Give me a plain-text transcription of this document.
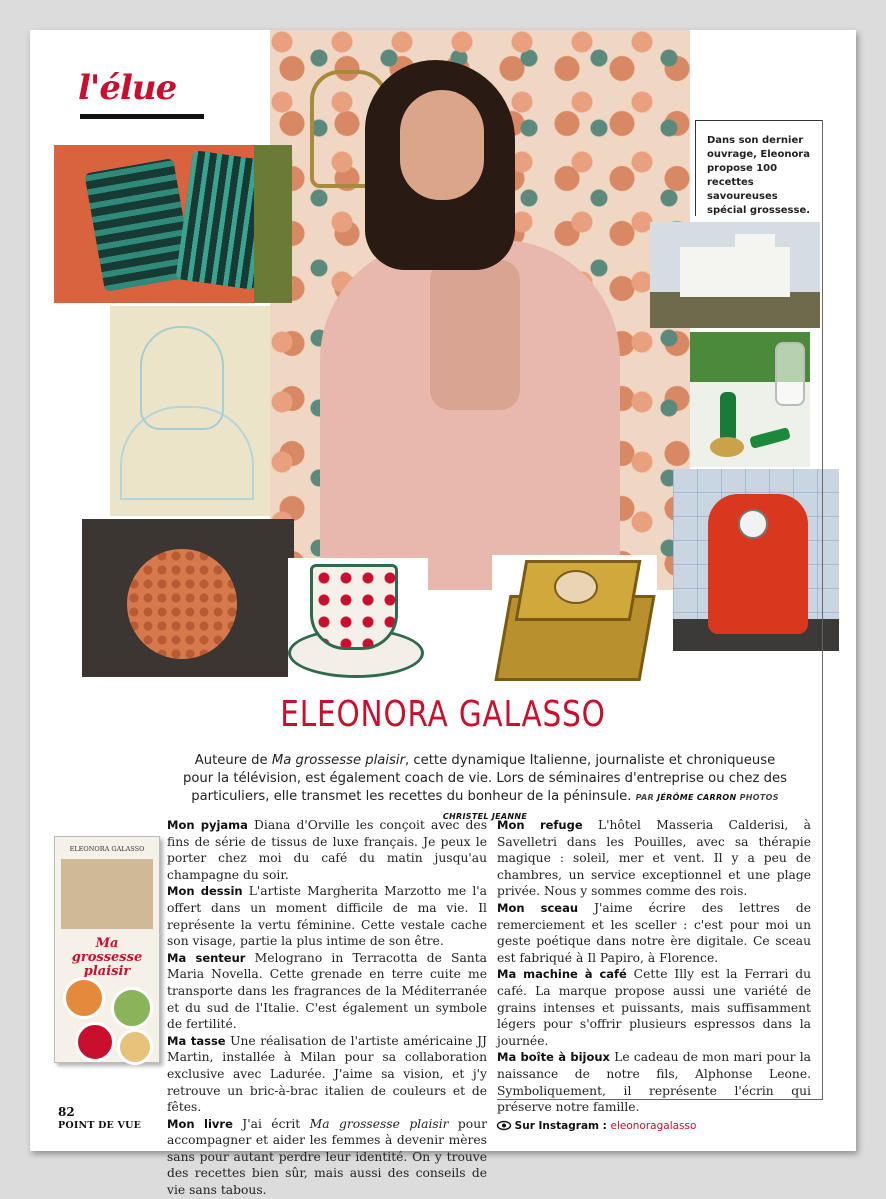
l'élue
Dans son dernier ouvrage, Eleonora propose 100 recettes savoureuses spécial grossesse.
ELEONORA GALASSO
Auteure de Ma grossesse plaisir, cette dynamique Italienne, journaliste et chroniqueuse pour la télévision, est également coach de vie. Lors de séminaires d'entreprise ou chez des particuliers, elle transmet les recettes du bonheur de la péninsule. PAR JÉRÔME CARRON PHOTOS CHRISTEL JEANNE
ELEONORA GALASSO
Ma grossesse plaisir

Mon pyjama Diana d'Orville les conçoit avec des fins de série de tissus de luxe français. Je peux le porter chez moi du café du matin jusqu'au champagne du soir.

Mon dessin L'artiste Margherita Marzotto me l'a offert dans un moment difficile de ma vie. Il représente la vertu féminine. Cette vestale cache son visage, partie la plus intime de son être.

Ma senteur Melograno in Terracotta de Santa Maria Novella. Cette grenade en terre cuite me transporte dans les fragrances de la Méditerranée et du sud de l'Italie. C'est également un symbole de fertilité.

Ma tasse Une réalisation de l'artiste américaine JJ Martin, installée à Milan pour sa collaboration exclusive avec Ladurée. J'aime sa vision, et j'y retrouve un bric-à-brac italien de couleurs et de fêtes.

Mon livre J'ai écrit Ma grossesse plaisir pour accompagner et aider les femmes à devenir mères sans pour autant perdre leur identité. On y trouve des recettes bien sûr, mais aussi des conseils de vie sans tabous.

Mon refuge L'hôtel Masseria Calderisi, à Savelletri dans les Pouilles, avec sa thérapie magique : soleil, mer et vent. Il y a peu de chambres, un service exceptionnel et une plage privée. Nous y sommes comme des rois.

Mon sceau J'aime écrire des lettres de remerciement et les sceller : c'est pour moi un geste poétique dans notre ère digitale. Ce sceau est fabriqué à Il Papiro, à Florence.

Ma machine à café Cette Illy est la Ferrari du café. La marque propose aussi une variété de grains intenses et puissants, mais suffisamment légers pour s'offrir plusieurs espressos dans la journée.

Ma boîte à bijoux Le cadeau de mon mari pour la naissance de notre fils, Alphonse Leone. Symboliquement, il représente l'écrin qui préserve notre famille.

Sur Instagram : eleonoragalasso

82
POINT DE VUE
